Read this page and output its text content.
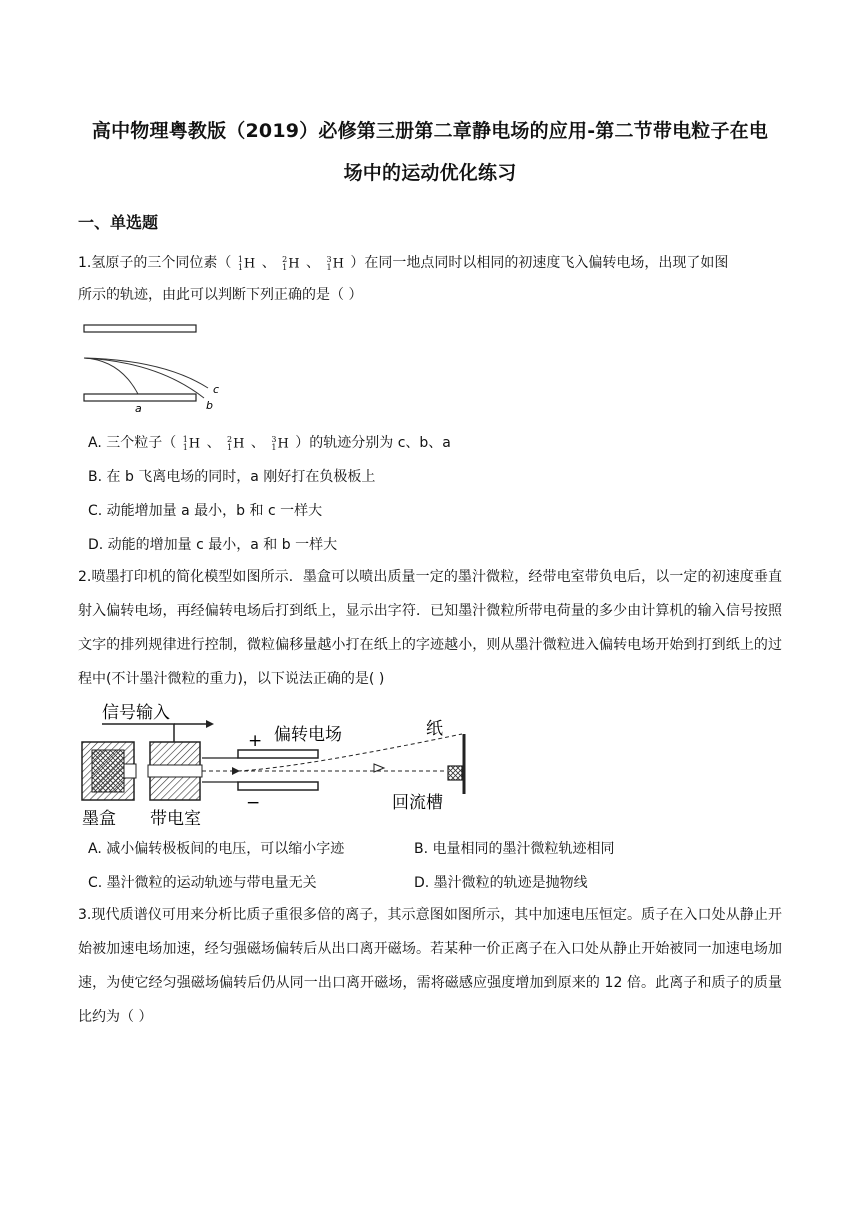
高中物理粤教版（2019）必修第三册第二章静电场的应用-第二节带电粒子在电
场中的运动优化练习
一、单选题
1.氢原子的三个同位素（ 1
1 H 、 2
1 H 、 3
1 H ）在同一地点同时以相同的初速度飞入偏转电场，出现了如图
所示的轨迹，由此可以判断下列正确的是（ ）
c
b
a
A. 三个粒子（ 1
1 H 、 2
1 H 、 3
1 H ）的轨迹分别为 c、b、a
B. 在 b 飞离电场的同时，a 刚好打在负极板上
C. 动能增加量 a 最小，b 和 c 一样大
D. 动能的增加量 c 最小，a 和 b 一样大
2.喷墨打印机的简化模型如图所示．墨盒可以喷出质量一定的墨汁微粒，经带电室带负电后，以一定的初速度垂直射入偏转电场，再经偏转电场后打到纸上，显示出字符．已知墨汁微粒所带电荷量的多少由计算机的输入信号按照文字的排列规律进行控制，微粒偏移量越小打在纸上的字迹越小，则从墨汁微粒进入偏转电场开始到打到纸上的过程中(不计墨汁微粒的重力)，以下说法正确的是( )
信号输入
+
−
偏转电场	纸
回流槽
墨盒 带电室
A. 减小偏转极板间的电压，可以缩小字迹	B. 电量相同的墨汁微粒轨迹相同
C. 墨汁微粒的运动轨迹与带电量无关	D. 墨汁微粒的轨迹是抛物线
3.现代质谱仪可用来分析比质子重很多倍的离子，其示意图如图所示，其中加速电压恒定。质子在入口处从静止开始被加速电场加速，经匀强磁场偏转后从出口离开磁场。若某种一价正离子在入口处从静止开始被同一加速电场加速，为使它经匀强磁场偏转后仍从同一出口离开磁场，需将磁感应强度增加到原来的 12 倍。此离子和质子的质量比约为（ ）
